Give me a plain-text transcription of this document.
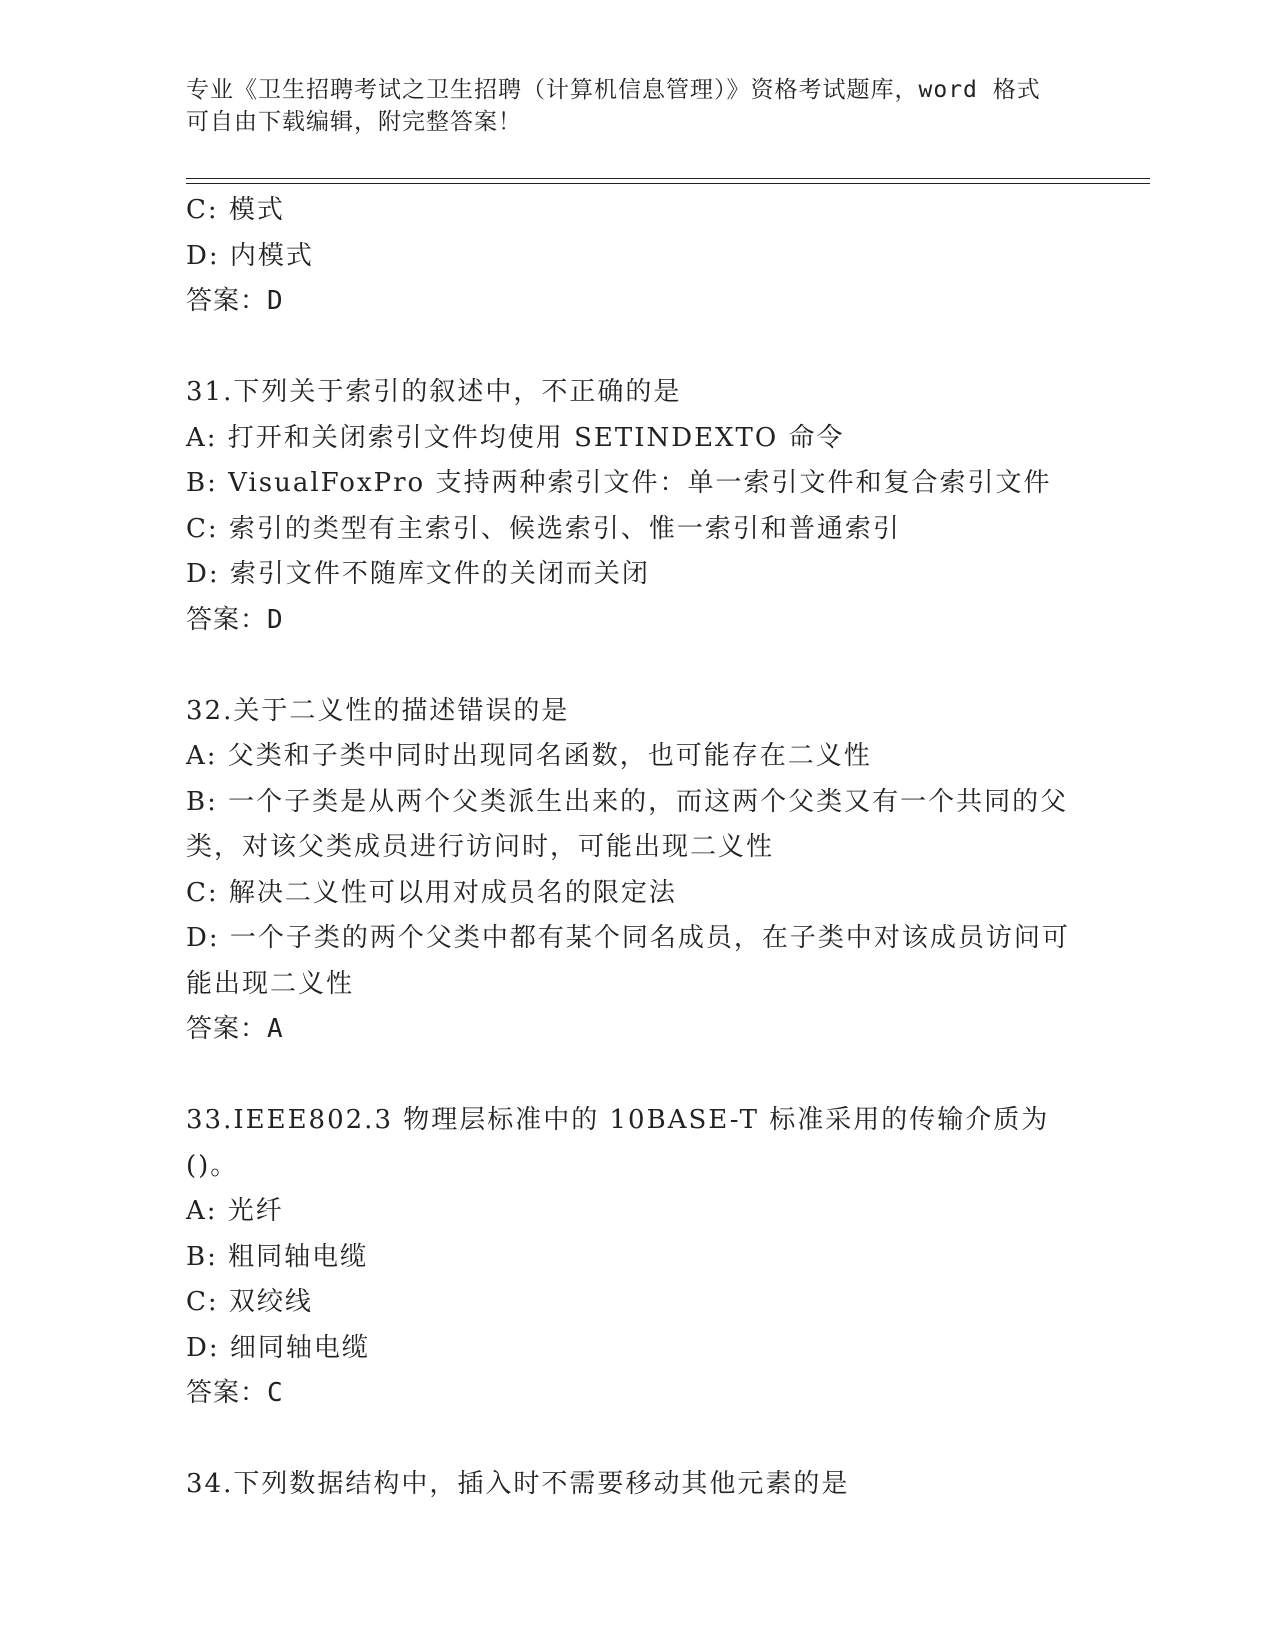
专业《卫生招聘考试之卫生招聘（计算机信息管理）》资格考试题库，word 格式
可自由下载编辑，附完整答案！
C: 模式
D: 内模式
答案：D
31.下列关于索引的叙述中，不正确的是
A: 打开和关闭索引文件均使用 SETINDEXTO 命令
B: VisualFoxPro 支持两种索引文件：单一索引文件和复合索引文件
C: 索引的类型有主索引、候选索引、惟一索引和普通索引
D: 索引文件不随库文件的关闭而关闭
答案：D
32.关于二义性的描述错误的是
A: 父类和子类中同时出现同名函数，也可能存在二义性
B: 一个子类是从两个父类派生出来的，而这两个父类又有一个共同的父类，对该父类成员进行访问时，可能出现二义性
C: 解决二义性可以用对成员名的限定法
D: 一个子类的两个父类中都有某个同名成员，在子类中对该成员访问可能出现二义性
答案：A
33.IEEE802.3 物理层标准中的 10BASE-T 标准采用的传输介质为()。
A: 光纤
B: 粗同轴电缆
C: 双绞线
D: 细同轴电缆
答案：C
34.下列数据结构中，插入时不需要移动其他元素的是
